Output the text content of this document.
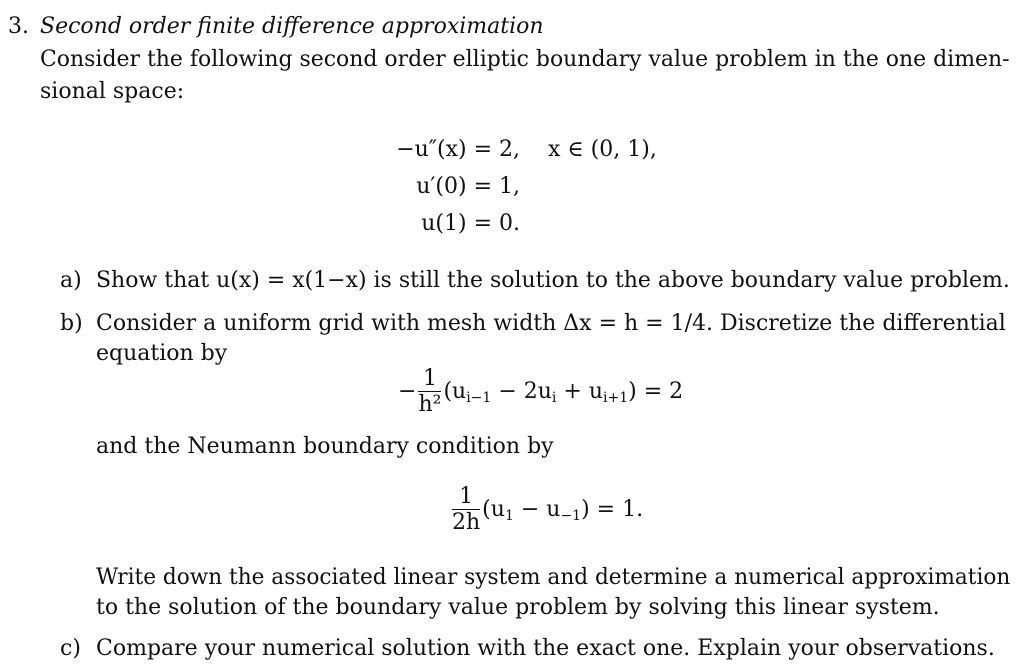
3. Second order finite difference approximation
Consider the following second order elliptic boundary value problem in the one dimen-
sional space:
−u″(x) = 2, x ∈ (0, 1),
u′(0) = 1,
u(1) = 0.
a) Show that u(x) = x(1−x) is still the solution to the above boundary value problem.
b) Consider a uniform grid with mesh width Δx = h = 1/4. Discretize the differential
equation by
− $\frac{1}{\text{h²}} (u_{i-1} - 2u_i + u_{i+1}) = 2$
and the Neumann boundary condition by
$\frac{1}{2h} (u_1 - u_{-1}) = 1$.
Write down the associated linear system and determine a numerical approximation
to the solution of the boundary value problem by solving this linear system.
c) Compare your numerical solution with the exact one. Explain your observations.
